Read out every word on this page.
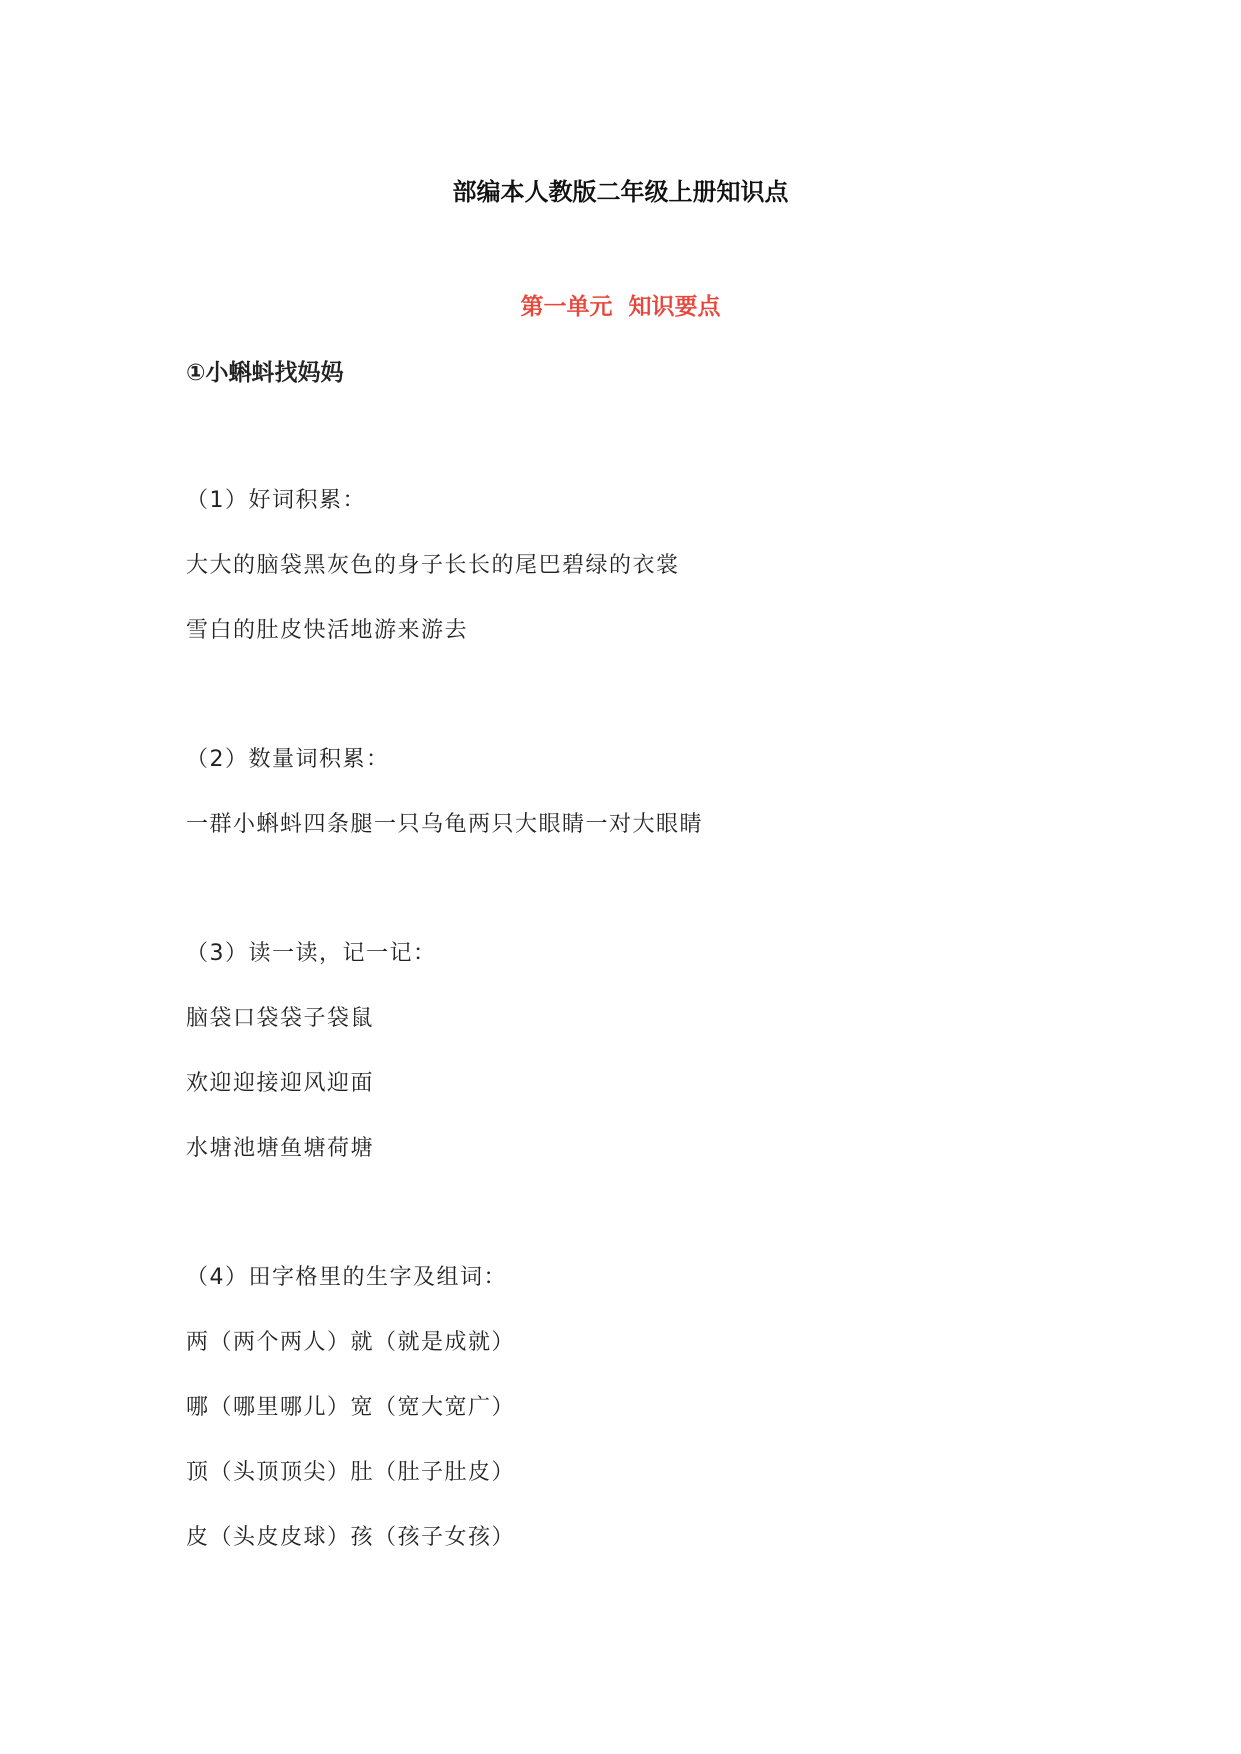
部编本人教版二年级上册知识点
第一单元  知识要点
①小蝌蚪找妈妈

（1）好词积累：

大大的脑袋黑灰色的身子长长的尾巴碧绿的衣裳

雪白的肚皮快活地游来游去

（2）数量词积累：

一群小蝌蚪四条腿一只乌龟两只大眼睛一对大眼睛

（3）读一读，记一记：

脑袋口袋袋子袋鼠

欢迎迎接迎风迎面

水塘池塘鱼塘荷塘

（4）田字格里的生字及组词：

两（两个两人）就（就是成就）

哪（哪里哪儿）宽（宽大宽广）

顶（头顶顶尖）肚（肚子肚皮）

皮（头皮皮球）孩（孩子女孩）
